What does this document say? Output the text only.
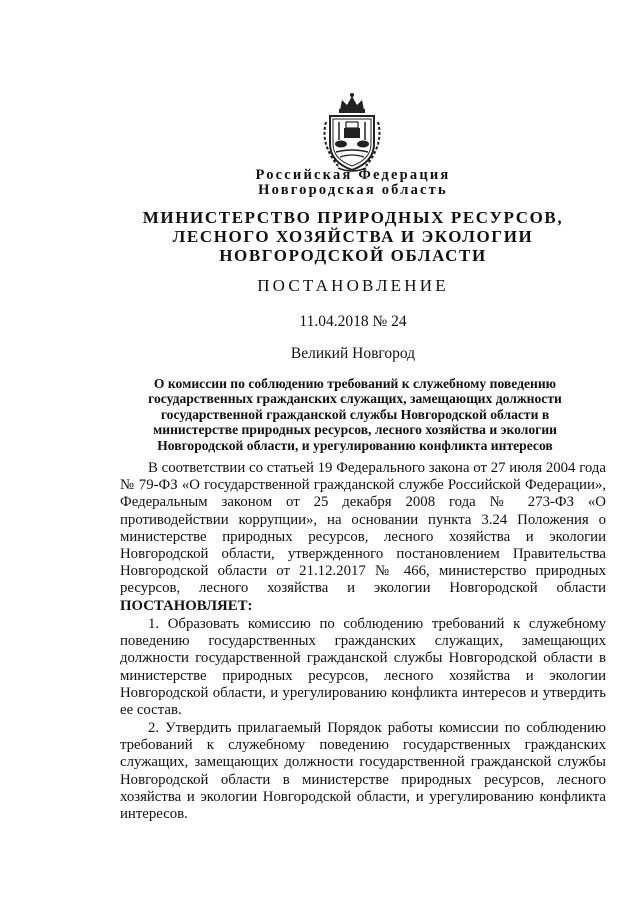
Российская Федерация
Новгородская область
МИНИСТЕРСТВО ПРИРОДНЫХ РЕСУРСОВ,
ЛЕСНОГО ХОЗЯЙСТВА И ЭКОЛОГИИ
НОВГОРОДСКОЙ ОБЛАСТИ
ПОСТАНОВЛЕНИЕ
11.04.2018 № 24
Великий Новгород
О комиссии по соблюдению требований к служебному поведению государственных гражданских служащих, замещающих должности государственной гражданской службы Новгородской области в министерстве природных ресурсов, лесного хозяйства и экологии Новгородской области, и урегулированию конфликта интересов

В соответствии со статьей 19 Федерального закона от 27 июля 2004 года № 79-ФЗ «О государственной гражданской службе Российской Федерации», Федеральным законом от 25 декабря 2008 года № 273-ФЗ «О противодействии коррупции», на основании пункта 3.24 Положения о министерстве природных ресурсов, лесного хозяйства и экологии Новгородской области, утвержденного постановлением Правительства Новгородской области от 21.12.2017 № 466, министерство природных ресурсов, лесного хозяйства и экологии Новгородской области ПОСТАНОВЛЯЕТ:

1. Образовать комиссию по соблюдению требований к служебному поведению государственных гражданских служащих, замещающих должности государственной гражданской службы Новгородской области в министерстве природных ресурсов, лесного хозяйства и экологии Новгородской области, и урегулированию конфликта интересов и утвердить ее состав.

2. Утвердить прилагаемый Порядок работы комиссии по соблюдению требований к служебному поведению государственных гражданских служащих, замещающих должности государственной гражданской службы Новгородской области в министерстве природных ресурсов, лесного хозяйства и экологии Новгородской области, и урегулированию конфликта интересов.
